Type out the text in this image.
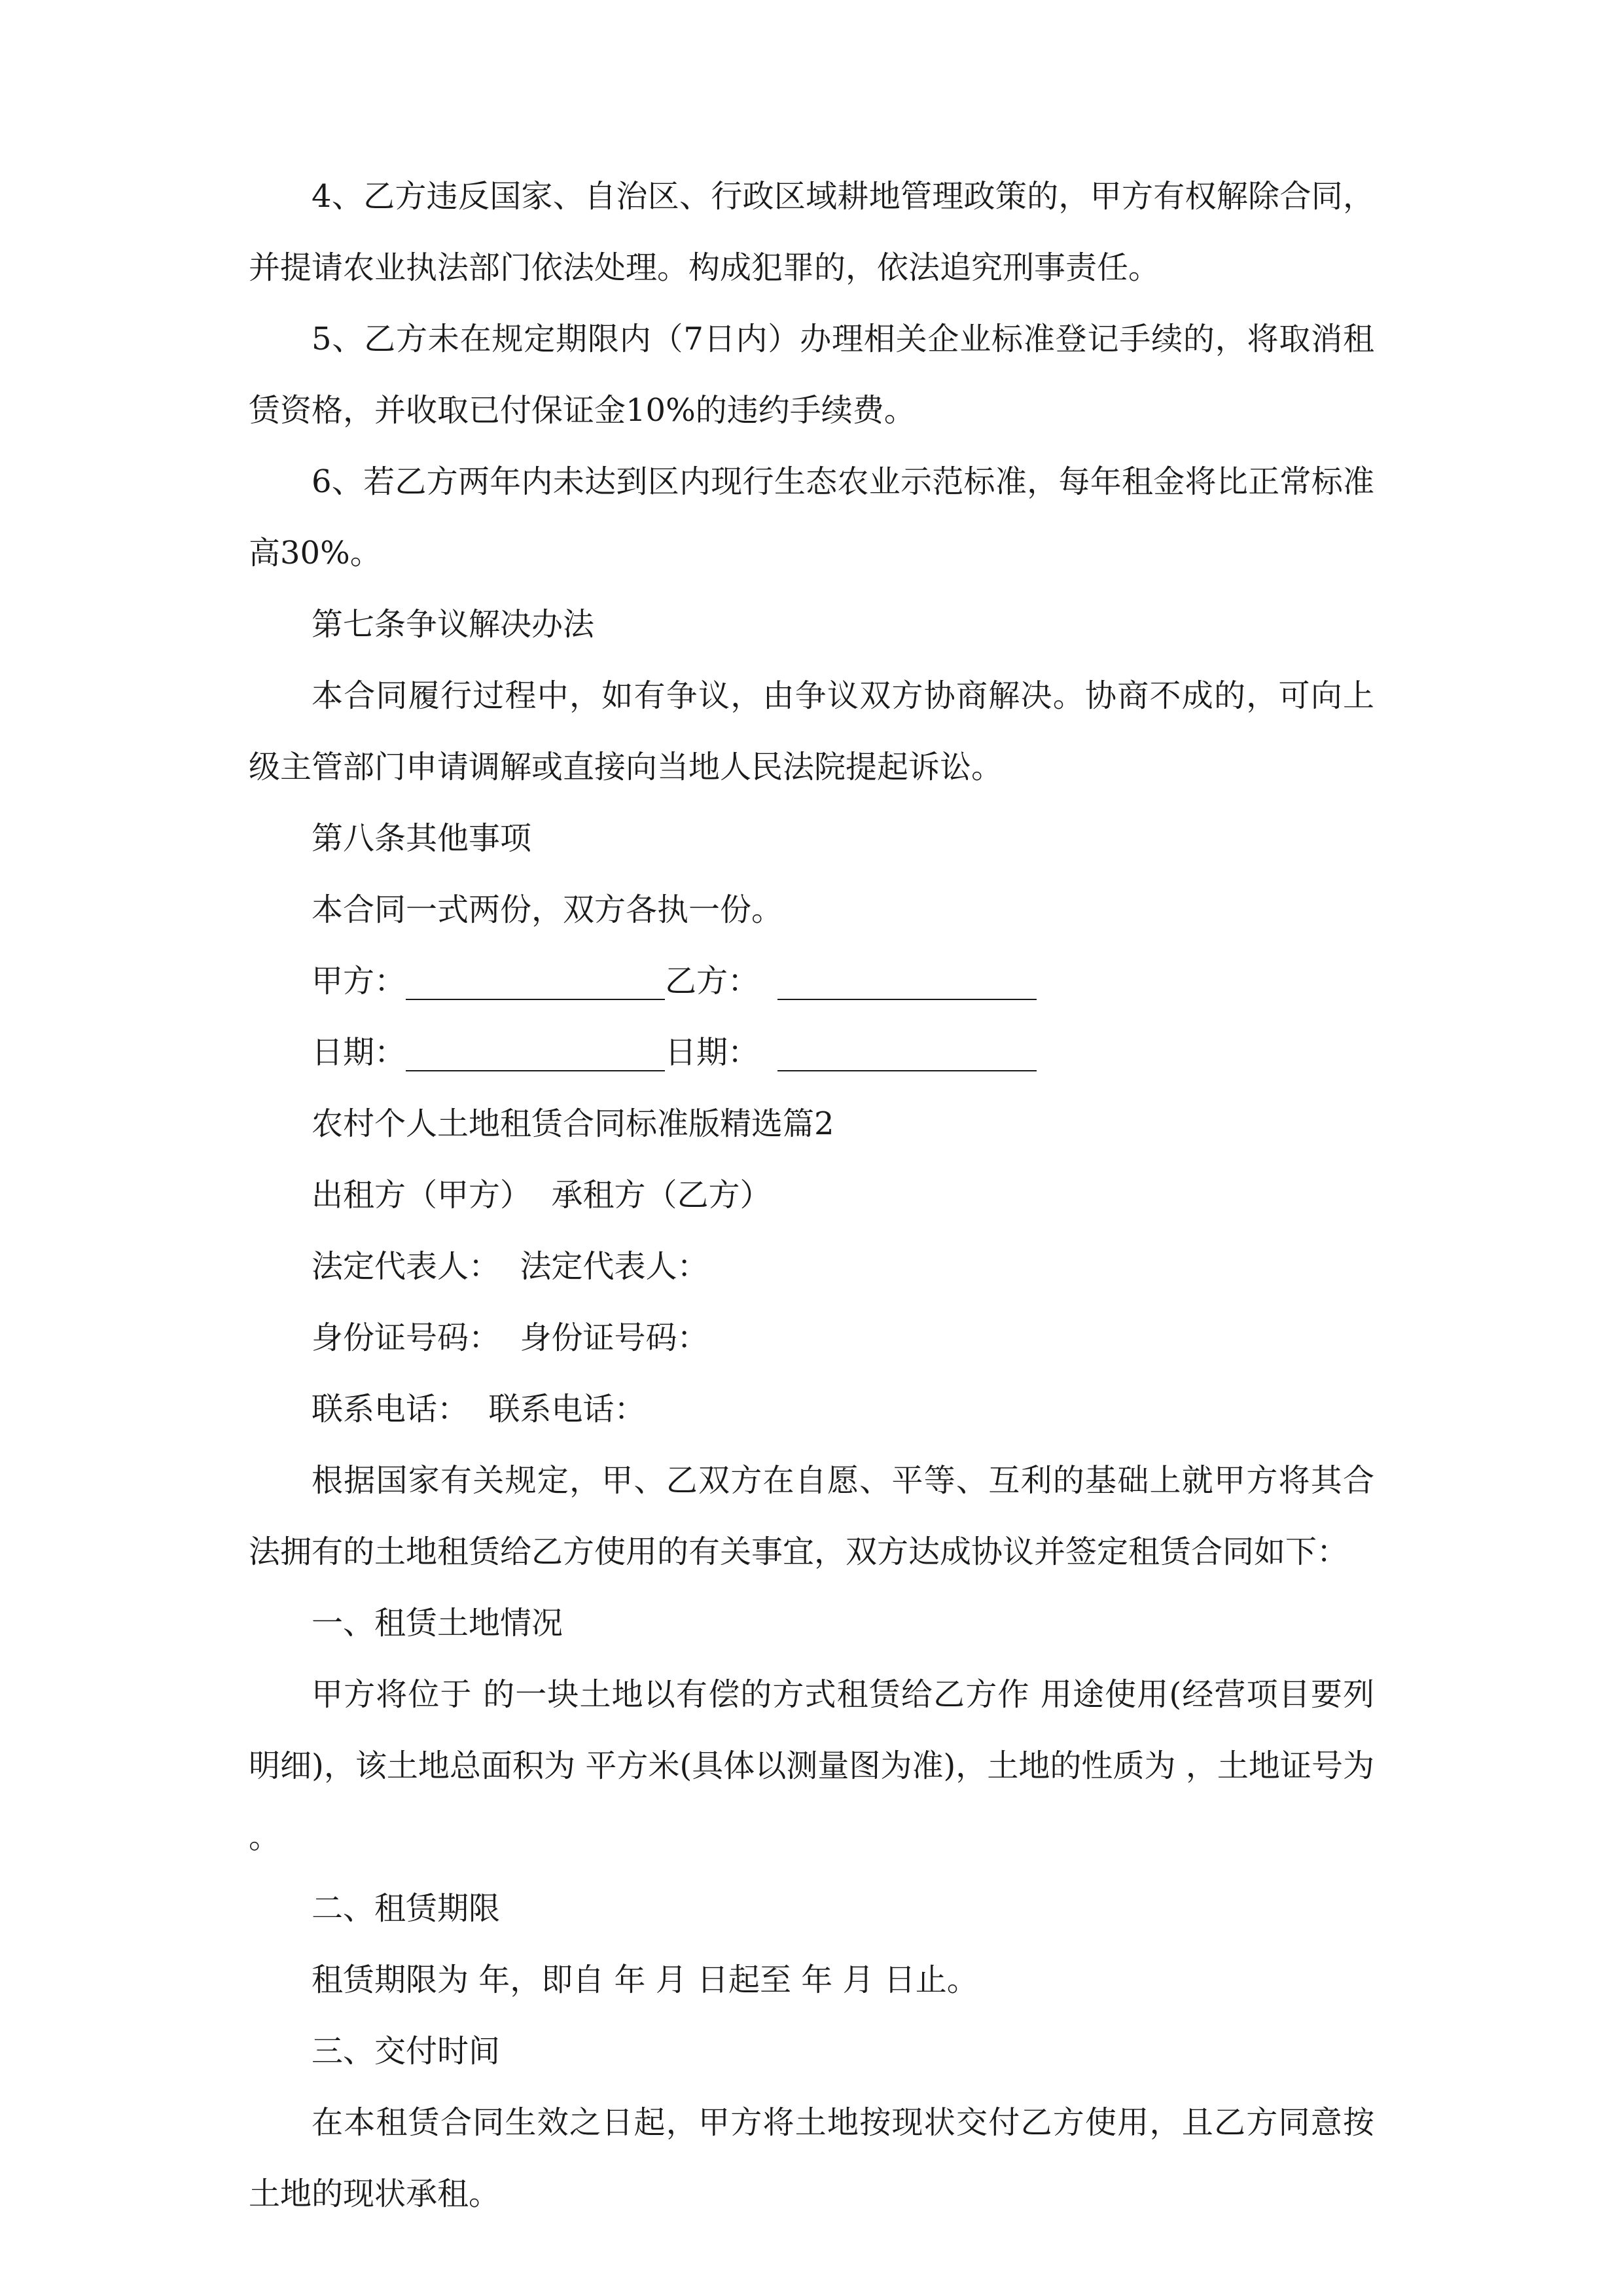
4、乙方违反国家、自治区、行政区域耕地管理政策的，甲方有权解除合同，并提请农业执法部门依法处理。构成犯罪的，依法追究刑事责任。

5、乙方未在规定期限内（7日内）办理相关企业标准登记手续的，将取消租赁资格，并收取已付保证金10%的违约手续费。

6、若乙方两年内未达到区内现行生态农业示范标准，每年租金将比正常标准高30%。

第七条争议解决办法

本合同履行过程中，如有争议，由争议双方协商解决。协商不成的，可向上级主管部门申请调解或直接向当地人民法院提起诉讼。

第八条其他事项

本合同一式两份，双方各执一份。

甲方：	乙方：
日期：	日期：

农村个人土地租赁合同标准版精选篇2

出租方（甲方）  承租方（乙方）

法定代表人：  法定代表人：

身份证号码：  身份证号码：

联系电话：  联系电话：

根据国家有关规定，甲、乙双方在自愿、平等、互利的基础上就甲方将其合法拥有的土地租赁给乙方使用的有关事宜，双方达成协议并签定租赁合同如下：

一、租赁土地情况

甲方将位于 的一块土地以有偿的方式租赁给乙方作 用途使用(经营项目要列明细)，该土地总面积为 平方米(具体以测量图为准)，土地的性质为 ，土地证号为 。

二、租赁期限

租赁期限为 年，即自 年 月 日起至 年 月 日止。

三、交付时间

在本租赁合同生效之日起，甲方将土地按现状交付乙方使用，且乙方同意按土地的现状承租。
